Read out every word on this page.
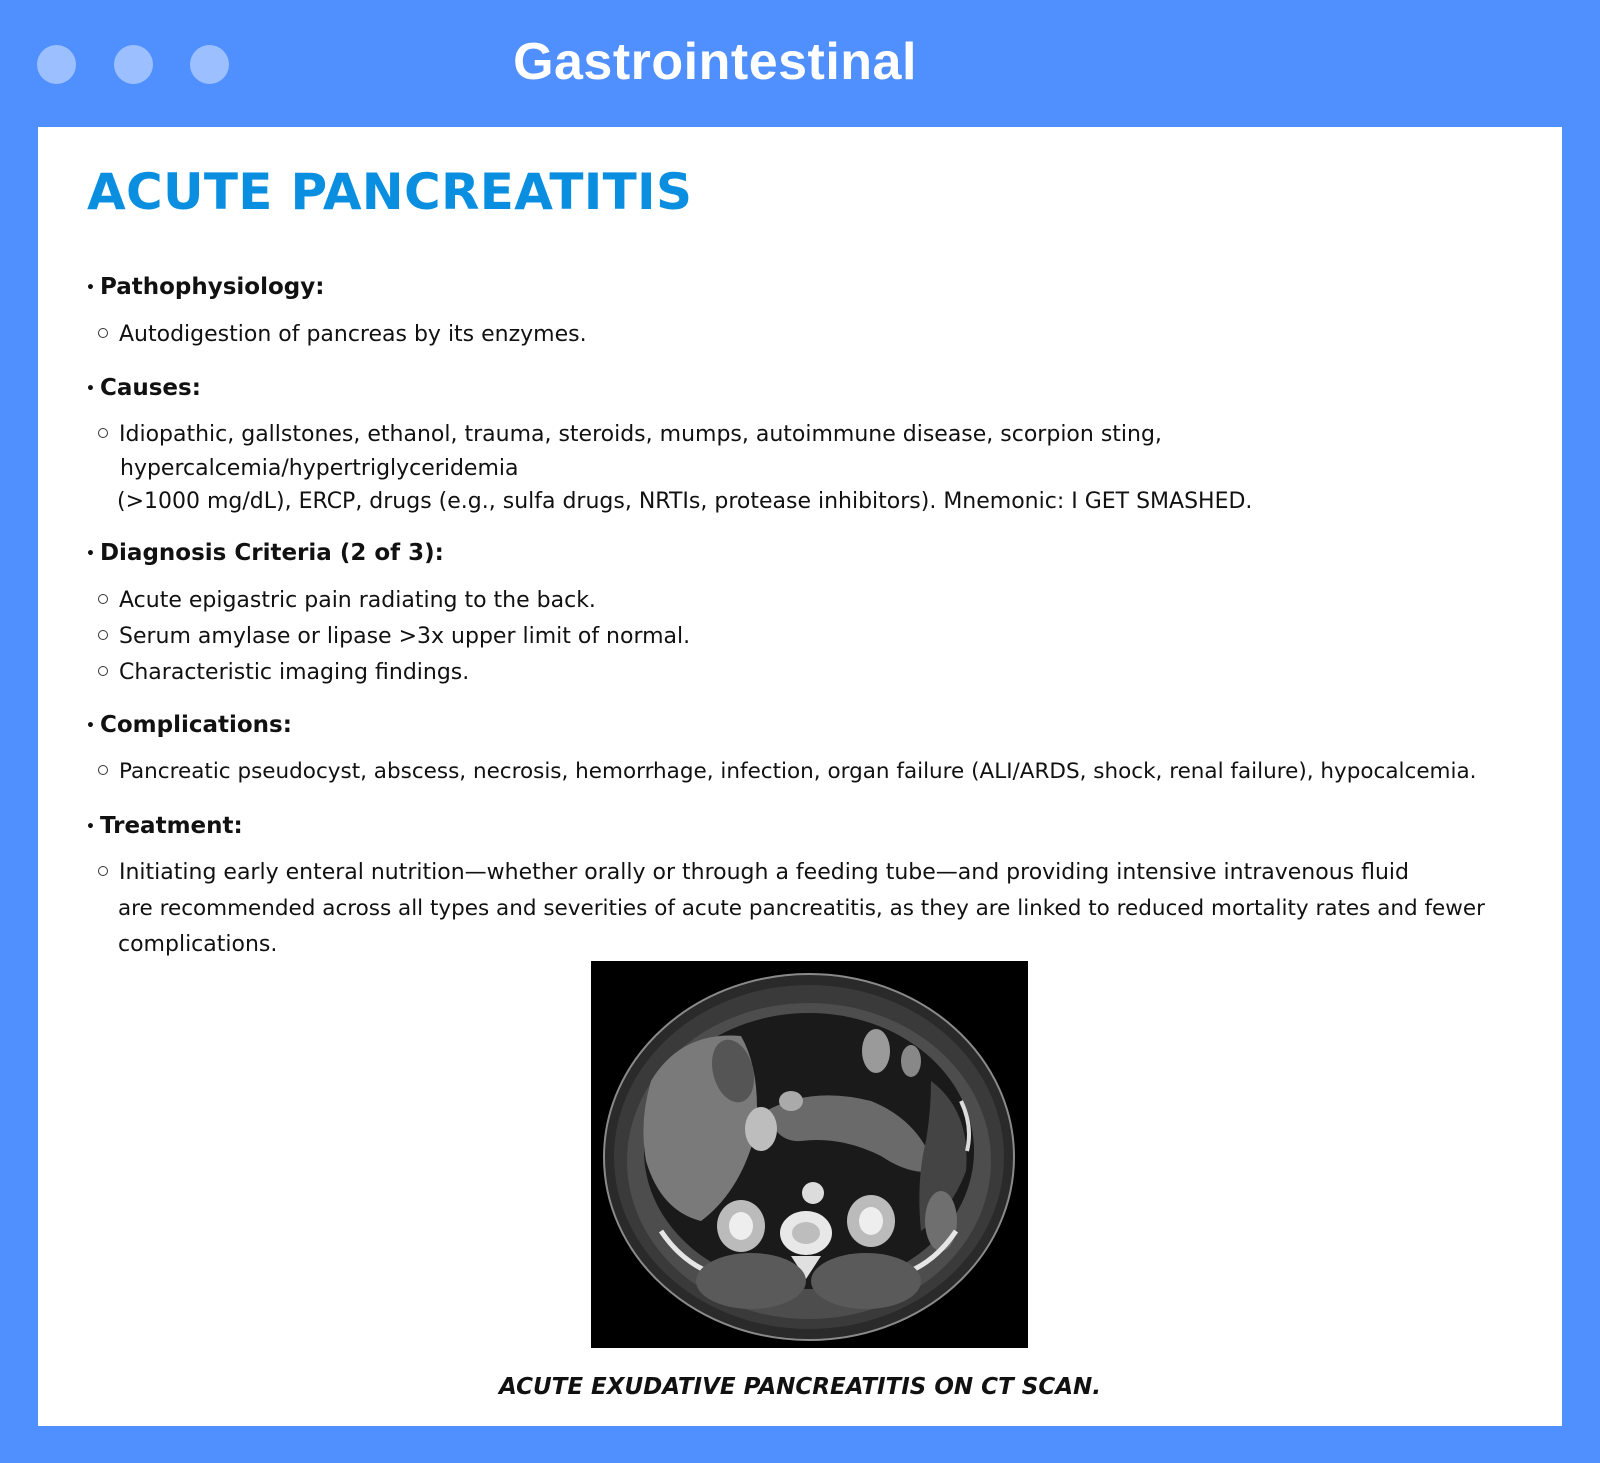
Gastrointestinal
ACUTE PANCREATITIS
• Pathophysiology:
Autodigestion of pancreas by its enzymes.
• Causes:
Idiopathic, gallstones, ethanol, trauma, steroids, mumps, autoimmune disease, scorpion sting,
hypercalcemia/hypertriglyceridemia
(>1000 mg/dL), ERCP, drugs (e.g., sulfa drugs, NRTIs, protease inhibitors). Mnemonic: I GET SMASHED.
• Diagnosis Criteria (2 of 3):
Acute epigastric pain radiating to the back.
Serum amylase or lipase >3x upper limit of normal.
Characteristic imaging findings.
• Complications:
Pancreatic pseudocyst, abscess, necrosis, hemorrhage, infection, organ failure (ALI/ARDS, shock, renal failure), hypocalcemia.
• Treatment:
Initiating early enteral nutrition—whether orally or through a feeding tube—and providing intensive intravenous fluid
are recommended across all types and severities of acute pancreatitis, as they are linked to reduced mortality rates and fewer
complications.
ACUTE EXUDATIVE PANCREATITIS ON CT SCAN.
